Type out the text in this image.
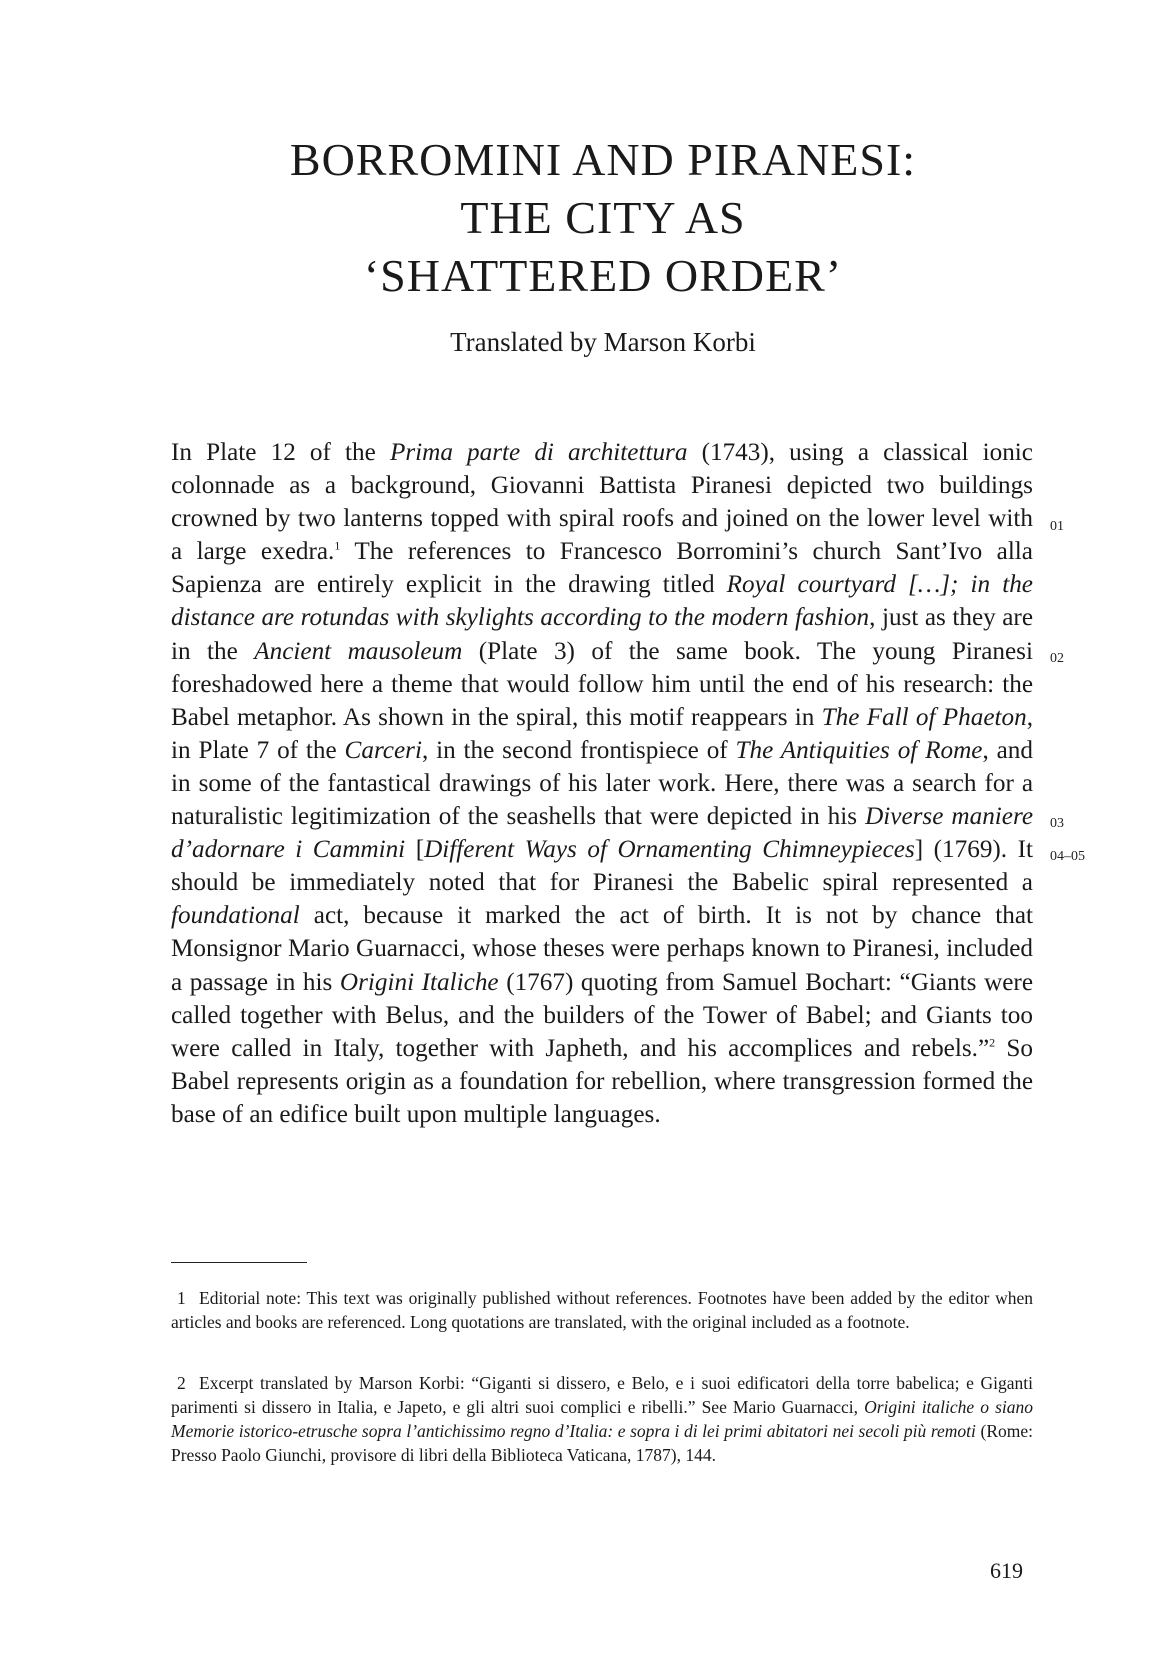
BORROMINI AND PIRANESI:
THE CITY AS
‘SHATTERED ORDER’
Translated by Marson Korbi
In Plate 12 of the Prima parte di architettura (1743), using a classical ionic colonnade as a background, Giovanni Battista Piranesi depicted two buildings crowned by two lanterns topped with spiral roofs and joined on the lower level with a large exedra.$^1$ The references to Francesco Borromini’s church Sant’Ivo alla Sapienza are entirely explicit in the drawing titled Royal courtyard […]; in the distance are rotundas with skylights according to the modern fashion, just as they are in the Ancient mausoleum (Plate 3) of the same book. The young Piranesi foreshadowed here a theme that would follow him until the end of his research: the Babel metaphor. As shown in the spiral, this motif reappears in The Fall of Phaeton, in Plate 7 of the Carceri, in the second frontispiece of The Antiquities of Rome, and in some of the fantastical drawings of his later work. Here, there was a search for a naturalistic legitimization of the seashells that were depicted in his Diverse maniere d’adornare i Cammini [Different Ways of Ornamenting Chimneypieces] (1769). It should be immediately noted that for Piranesi the Babelic spiral represented a foundational act, because it marked the act of birth. It is not by chance that Monsignor Mario Guarnacci, whose theses were perhaps known to Piranesi, included a passage in his Origini Italiche (1767) quoting from Samuel Bochart: “Giants were called together with Belus, and the builders of the Tower of Babel; and Giants too were called in Italy, together with Japheth, and his accomplices and rebels.”$^2$ So Babel represents origin as a foundation for rebellion, where transgression formed the base of an edifice built upon multiple languages.
01
02
03
04–05
1 Editorial note: This text was originally published without references. Footnotes have been added by the editor when articles and books are referenced. Long quotations are translated, with the original included as a footnote.
2 Excerpt translated by Marson Korbi: “Giganti si dissero, e Belo, e i suoi edificatori della torre babelica; e Giganti parimenti si dissero in Italia, e Japeto, e gli altri suoi complici e ribelli.” See Mario Guarnacci, Origini italiche o siano Memorie istorico-etrusche sopra l’antichissimo regno d’Italia: e sopra i di lei primi abitatori nei secoli più remoti (Rome: Presso Paolo Giunchi, provisore di libri della Biblioteca Vaticana, 1787), 144.
619
